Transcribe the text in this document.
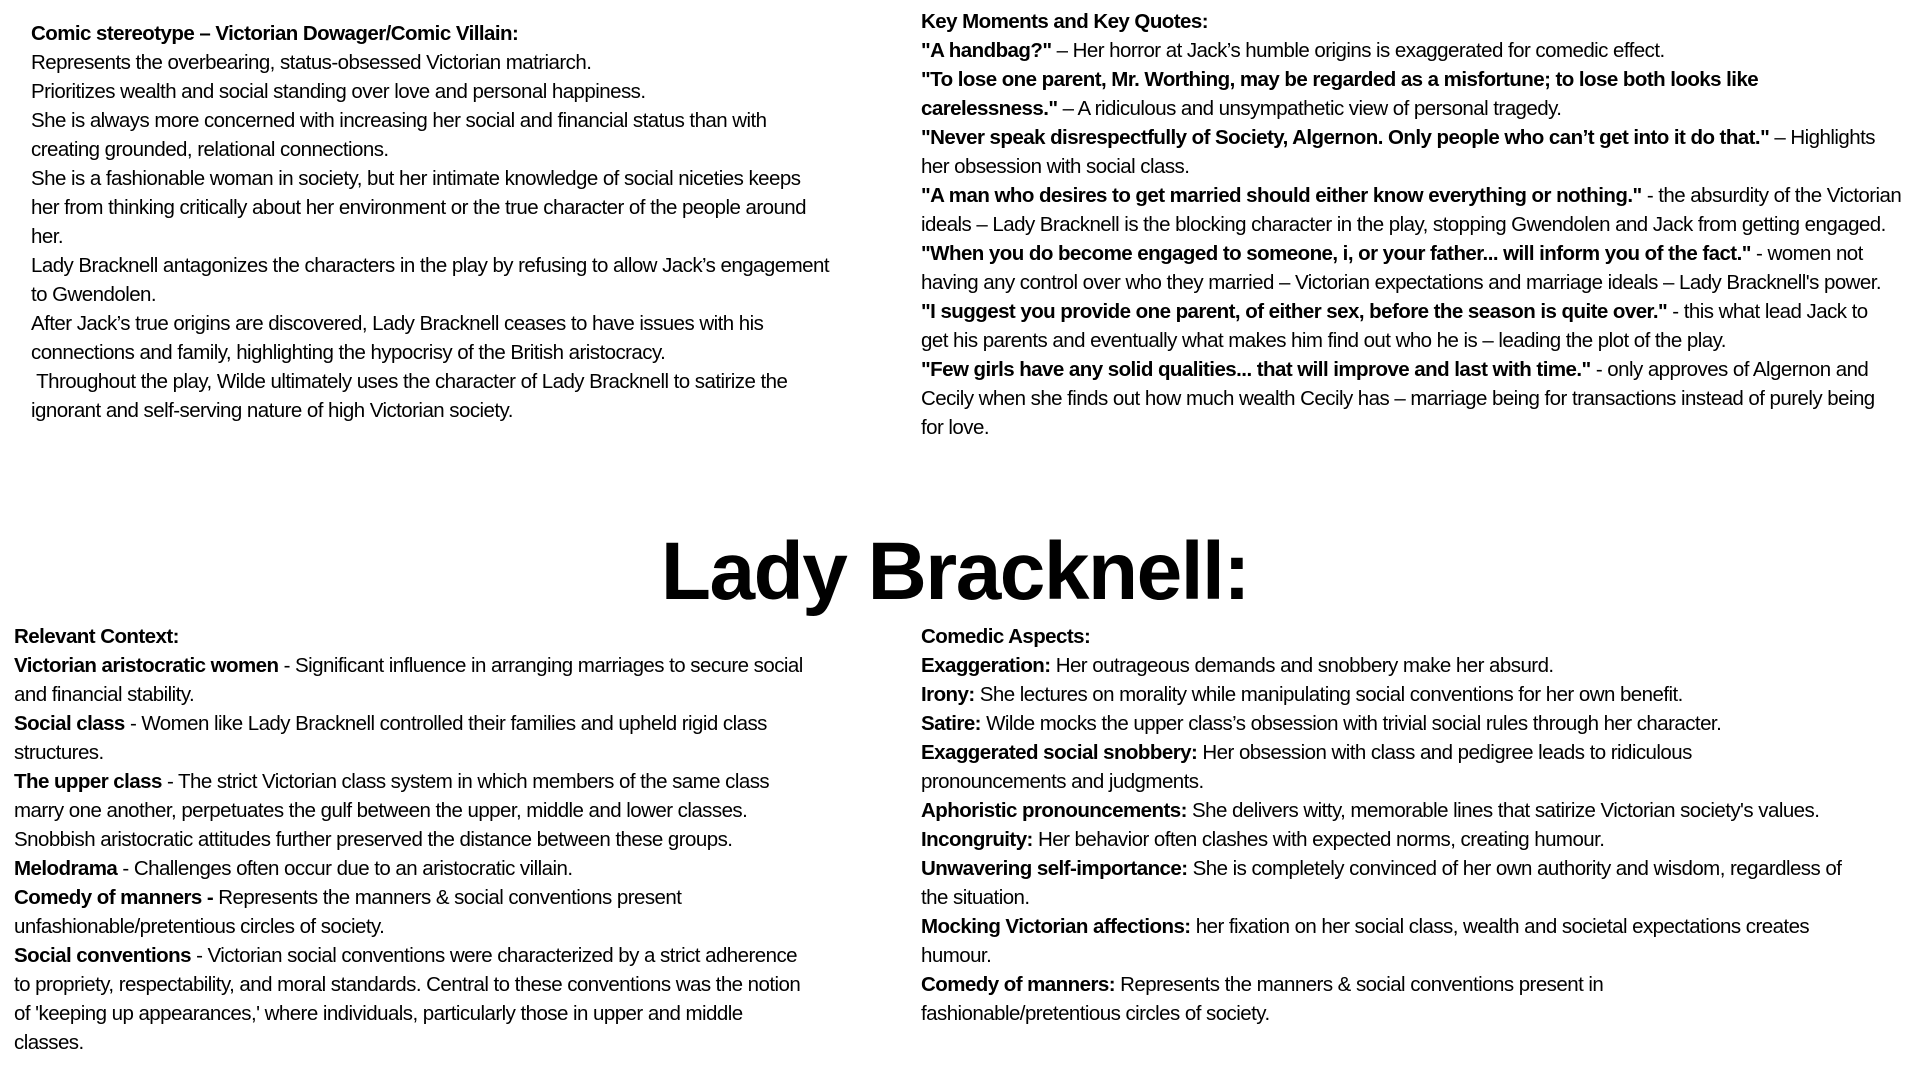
Comic stereotype – Victorian Dowager/Comic Villain:

Represents the overbearing, status-obsessed Victorian matriarch.

Prioritizes wealth and social standing over love and personal happiness.

She is always more concerned with increasing her social and financial status than with creating grounded, relational connections.

She is a fashionable woman in society, but her intimate knowledge of social niceties keeps her from thinking critically about her environment or the true character of the people around her.

Lady Bracknell antagonizes the characters in the play by refusing to allow Jack’s engagement to Gwendolen.

After Jack’s true origins are discovered, Lady Bracknell ceases to have issues with his connections and family, highlighting the hypocrisy of the British aristocracy.

Throughout the play, Wilde ultimately uses the character of Lady Bracknell to satirize the ignorant and self-serving nature of high Victorian society.

Key Moments and Key Quotes:

"A handbag?" – Her horror at Jack’s humble origins is exaggerated for comedic effect.

"To lose one parent, Mr. Worthing, may be regarded as a misfortune; to lose both looks like carelessness." – A ridiculous and unsympathetic view of personal tragedy.

"Never speak disrespectfully of Society, Algernon. Only people who can’t get into it do that." – Highlights her obsession with social class.

"A man who desires to get married should either know everything or nothing." - the absurdity of the Victorian ideals – Lady Bracknell is the blocking character in the play, stopping Gwendolen and Jack from getting engaged.

"When you do become engaged to someone, i, or your father... will inform you of the fact." - women not having any control over who they married – Victorian expectations and marriage ideals – Lady Bracknell's power.

"I suggest you provide one parent, of either sex, before the season is quite over." - this what lead Jack to get his parents and eventually what makes him find out who he is – leading the plot of the play.

"Few girls have any solid qualities... that will improve and last with time." - only approves of Algernon and Cecily when she finds out how much wealth Cecily has – marriage being for transactions instead of purely being for love.

Lady Bracknell:

Relevant Context:

Victorian aristocratic women - Significant influence in arranging marriages to secure social and financial stability.

Social class - Women like Lady Bracknell controlled their families and upheld rigid class structures.

The upper class - The strict Victorian class system in which members of the same class marry one another, perpetuates the gulf between the upper, middle and lower classes. Snobbish aristocratic attitudes further preserved the distance between these groups.

Melodrama - Challenges often occur due to an aristocratic villain.

Comedy of manners - Represents the manners & social conventions present unfashionable/pretentious circles of society.

Social conventions - Victorian social conventions were characterized by a strict adherence to propriety, respectability, and moral standards. Central to these conventions was the notion of 'keeping up appearances,' where individuals, particularly those in upper and middle classes.

Comedic Aspects:

Exaggeration: Her outrageous demands and snobbery make her absurd.

Irony: She lectures on morality while manipulating social conventions for her own benefit.

Satire: Wilde mocks the upper class’s obsession with trivial social rules through her character.

Exaggerated social snobbery: Her obsession with class and pedigree leads to ridiculous pronouncements and judgments.

Aphoristic pronouncements: She delivers witty, memorable lines that satirize Victorian society's values.

Incongruity: Her behavior often clashes with expected norms, creating humour.

Unwavering self-importance: She is completely convinced of her own authority and wisdom, regardless of the situation.

Mocking Victorian affections: her fixation on her social class, wealth and societal expectations creates humour.

Comedy of manners: Represents the manners & social conventions present in fashionable/pretentious circles of society.
